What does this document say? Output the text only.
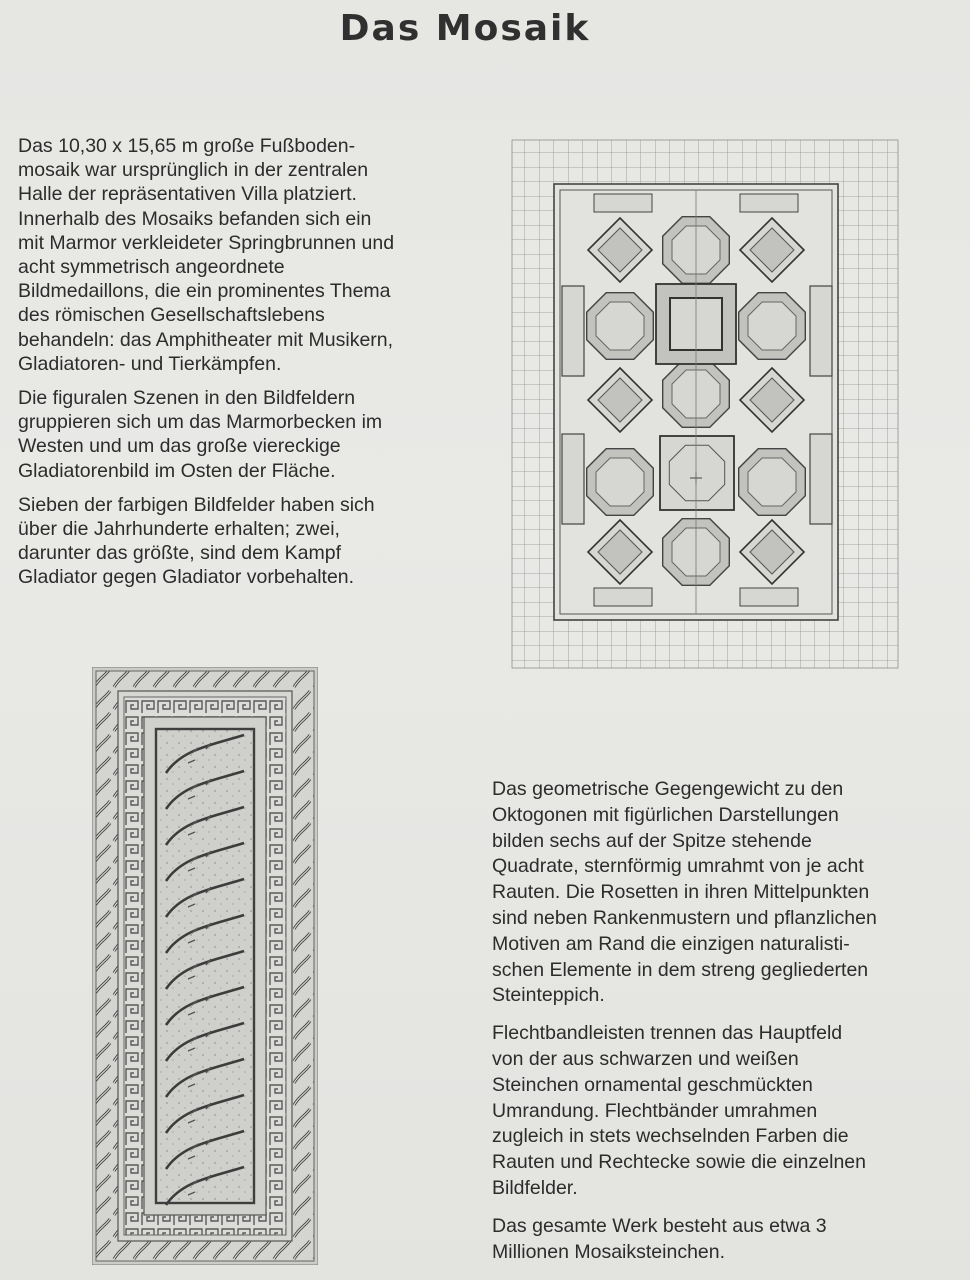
Das Mosaik

Das 10,30 x 15,65 m große Fußboden-
mosaik war ursprünglich in der zentralen
Halle der repräsentativen Villa platziert.
Innerhalb des Mosaiks befanden sich ein
mit Marmor verkleideter Springbrunnen und
acht symmetrisch angeordnete
Bildmedaillons, die ein prominentes Thema
des römischen Gesellschaftslebens
behandeln: das Amphitheater mit Musikern,
Gladiatoren- und Tierkämpfen.

Die figuralen Szenen in den Bildfeldern
gruppieren sich um das Marmorbecken im
Westen und um das große viereckige
Gladiatorenbild im Osten der Fläche.

Sieben der farbigen Bildfelder haben sich
über die Jahrhunderte erhalten; zwei,
darunter das größte, sind dem Kampf
Gladiator gegen Gladiator vorbehalten.

Das geometrische Gegengewicht zu den
Oktogonen mit figürlichen Darstellungen
bilden sechs auf der Spitze stehende
Quadrate, sternförmig umrahmt von je acht
Rauten. Die Rosetten in ihren Mittelpunkten
sind neben Rankenmustern und pflanzlichen
Motiven am Rand die einzigen naturalisti-
schen Elemente in dem streng gegliederten
Steinteppich.

Flechtbandleisten trennen das Hauptfeld
von der aus schwarzen und weißen
Steinchen ornamental geschmückten
Umrandung. Flechtbänder umrahmen
zugleich in stets wechselnden Farben die
Rauten und Rechtecke sowie die einzelnen
Bildfelder.

Das gesamte Werk besteht aus etwa 3
Millionen Mosaiksteinchen.
